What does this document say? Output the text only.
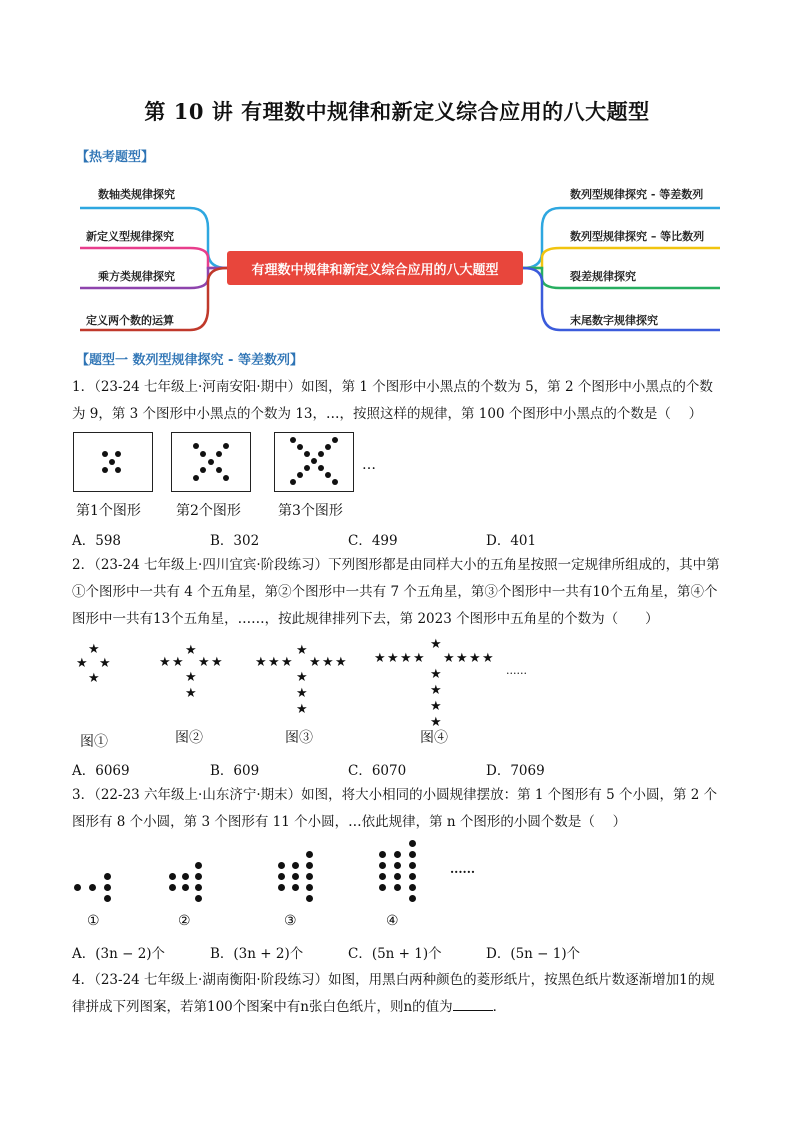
第 10 讲 有理数中规律和新定义综合应用的八大题型
【热考题型】
数轴类规律探究
新定义型规律探究
乘方类规律探究
定义两个数的运算
有理数中规律和新定义综合应用的八大题型
数列型规律探究 - 等差数列
数列型规律探究 – 等比数列
裂差规律探究
末尾数字规律探究
【题型一 数列型规律探究 - 等差数列】
1．（23-24 七年级上·河南安阳·期中）如图，第 1 个图形中小黑点的个数为 5，第 2 个图形中小黑点的个数为 9，第 3 个图形中小黑点的个数为 13，…，按照这样的规律，第 100 个图形中小黑点的个数是（　 ）
…
第1个图形	第2个图形	第3个图形
A．598	B．302	C．499	D．401
2．（23-24 七年级上·四川宜宾·阶段练习）下列图形都是由同样大小的五角星按照一定规律所组成的，其中第①个图形中一共有 4 个五角星，第②个图形中一共有 7 个五角星，第③个图形中一共有10个五角星，第④个图形中一共有13个五角星，……，按此规律排列下去，第 2023 个图形中五角星的个数为（　　）
★
★ ★
★
★ ★
★
★ ★
★
★
★ ★ ★
★
★ ★ ★
★
★
★
★ ★ ★ ★
★
★ ★ ★ ★
★
★
★
★
......
图①	图②	图③	图④
A．6069	B．609	C．6070	D．7069
3．（22-23 六年级上·山东济宁·期末）如图，将大小相同的小圆规律摆放：第 1 个图形有 5 个小圆，第 2 个图形有 8 个小圆，第 3 个图形有 11 个小圆，…依此规律，第 n 个图形的小圆个数是（　 ）
......
①	②	③	④
A．(3n − 2)个	B．(3n + 2)个	C．(5n + 1)个	D．(5n − 1)个
4．（23-24 七年级上·湖南衡阳·阶段练习）如图，用黑白两种颜色的菱形纸片，按黑色纸片数逐渐增加1的规律拼成下列图案，若第100个图案中有n张白色纸片，则n的值为	．
